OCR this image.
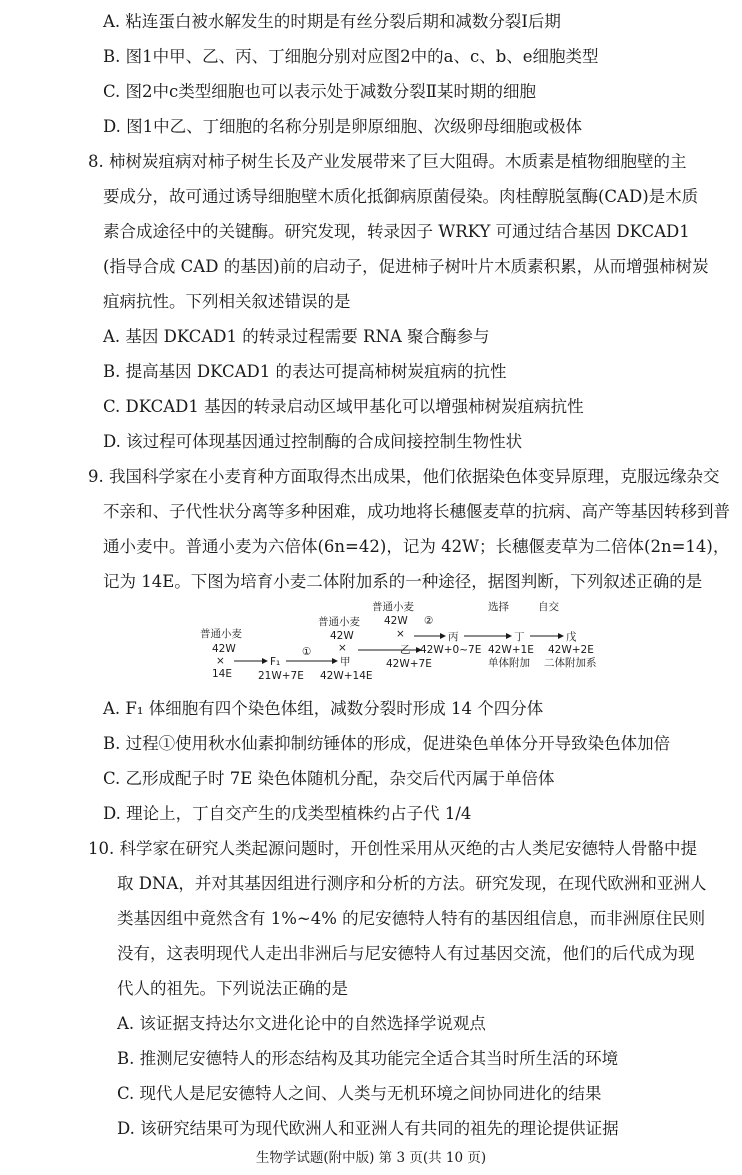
A. 粘连蛋白被水解发生的时期是有丝分裂后期和减数分裂Ⅰ后期
B. 图1中甲、乙、丙、丁细胞分别对应图2中的a、c、b、e细胞类型
C. 图2中c类型细胞也可以表示处于减数分裂Ⅱ某时期的细胞
D. 图1中乙、丁细胞的名称分别是卵原细胞、次级卵母细胞或极体
8. 柿树炭疽病对柿子树生长及产业发展带来了巨大阻碍。木质素是植物细胞壁的主
要成分，故可通过诱导细胞壁木质化抵御病原菌侵染。肉桂醇脱氢酶(CAD)是木质
素合成途径中的关键酶。研究发现，转录因子 WRKY 可通过结合基因 DKCAD1
(指导合成 CAD 的基因)前的启动子，促进柿子树叶片木质素积累，从而增强柿树炭
疽病抗性。下列相关叙述错误的是
A. 基因 DKCAD1 的转录过程需要 RNA 聚合酶参与
B. 提高基因 DKCAD1 的表达可提高柿树炭疽病的抗性
C. DKCAD1 基因的转录启动区域甲基化可以增强柿树炭疽病抗性
D. 该过程可体现基因通过控制酶的合成间接控制生物性状
9. 我国科学家在小麦育种方面取得杰出成果，他们依据染色体变异原理，克服远缘杂交
不亲和、子代性状分离等多种困难，成功地将长穗偃麦草的抗病、高产等基因转移到普
通小麦中。普通小麦为六倍体(6n=42)，记为 42W；长穗偃麦草为二倍体(2n=14)，
记为 14E。下图为培育小麦二体附加系的一种途径，据图判断，下列叙述正确的是
普通小麦
42W
×
14E
F₁
21W+7E
①
普通小麦
42W
×
甲
42W+14E
普通小麦
42W
×
②
乙
42W+7E
丙
42W+0~7E
选择
丁
42W+1E
单体附加
自交
戊
42W+2E
二体附加系
A. F₁ 体细胞有四个染色体组，减数分裂时形成 14 个四分体
B. 过程①使用秋水仙素抑制纺锤体的形成，促进染色单体分开导致染色体加倍
C. 乙形成配子时 7E 染色体随机分配，杂交后代丙属于单倍体
D. 理论上，丁自交产生的戊类型植株约占子代 1/4
10. 科学家在研究人类起源问题时，开创性采用从灭绝的古人类尼安德特人骨骼中提
取 DNA，并对其基因组进行测序和分析的方法。研究发现，在现代欧洲和亚洲人
类基因组中竟然含有 1%~4% 的尼安德特人特有的基因组信息，而非洲原住民则
没有，这表明现代人走出非洲后与尼安德特人有过基因交流，他们的后代成为现
代人的祖先。下列说法正确的是
A. 该证据支持达尔文进化论中的自然选择学说观点
B. 推测尼安德特人的形态结构及其功能完全适合其当时所生活的环境
C. 现代人是尼安德特人之间、人类与无机环境之间协同进化的结果
D. 该研究结果可为现代欧洲人和亚洲人有共同的祖先的理论提供证据
生物学试题(附中版) 第 3 页(共 10 页)
